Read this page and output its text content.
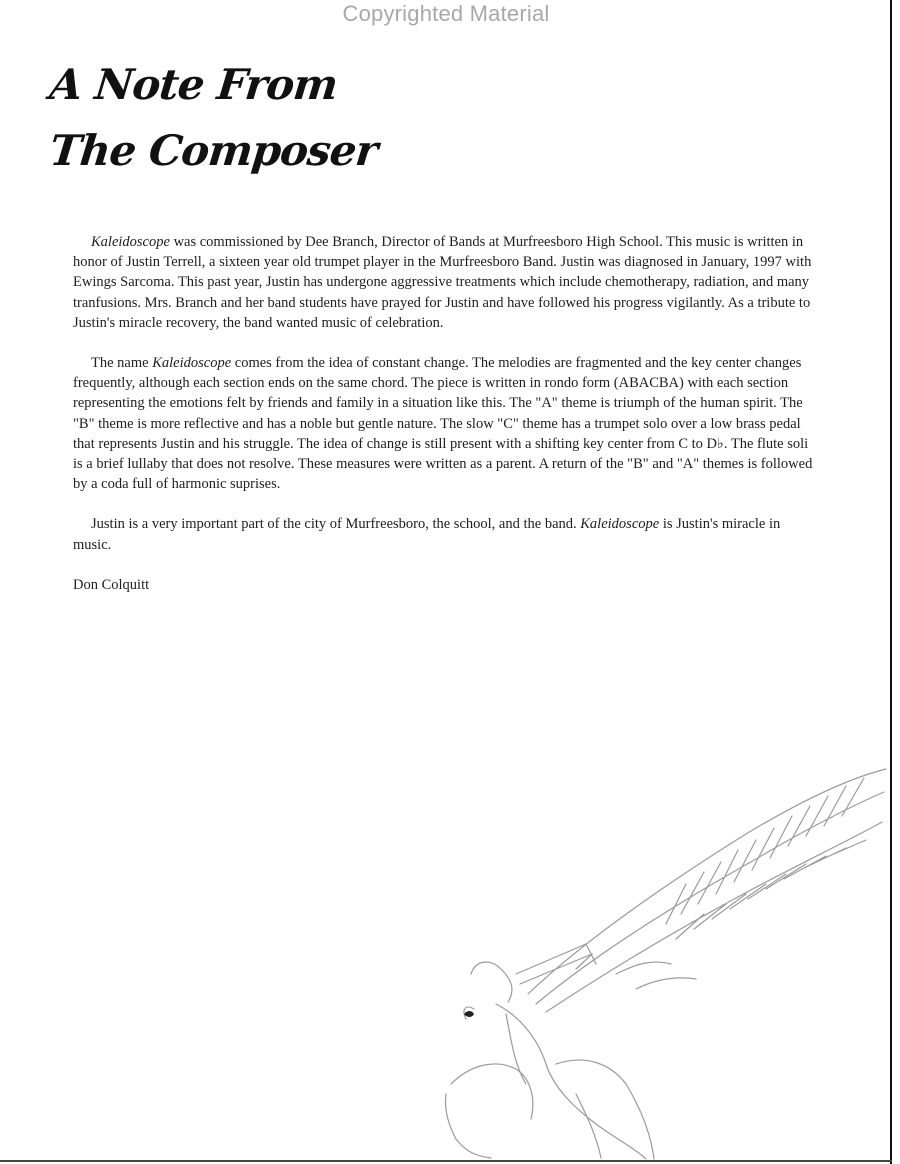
Copyrighted Material
A Note From
The Composer

Kaleidoscope was commissioned by Dee Branch, Director of Bands at Murfreesboro High School. This music is written in honor of Justin Terrell, a sixteen year old trumpet player in the Murfreesboro Band. Justin was diagnosed in January, 1997 with Ewings Sarcoma. This past year, Justin has undergone aggressive treatments which include chemotherapy, radiation, and many tranfusions. Mrs. Branch and her band students have prayed for Justin and have followed his progress vigilantly. As a tribute to Justin's miracle recovery, the band wanted music of celebration.

The name Kaleidoscope comes from the idea of constant change. The melodies are fragmented and the key center changes frequently, although each section ends on the same chord. The piece is written in rondo form (ABACBA) with each section representing the emotions felt by friends and family in a situation like this. The "A" theme is triumph of the human spirit. The "B" theme is more reflective and has a noble but gentle nature. The slow "C" theme has a trumpet solo over a low brass pedal that represents Justin and his struggle. The idea of change is still present with a shifting key center from C to D♭. The flute soli is a brief lullaby that does not resolve. These measures were written as a parent. A return of the "B" and "A" themes is followed by a coda full of harmonic suprises.

Justin is a very important part of the city of Murfreesboro, the school, and the band. Kaleidoscope is Justin's miracle in music.

Don Colquitt
